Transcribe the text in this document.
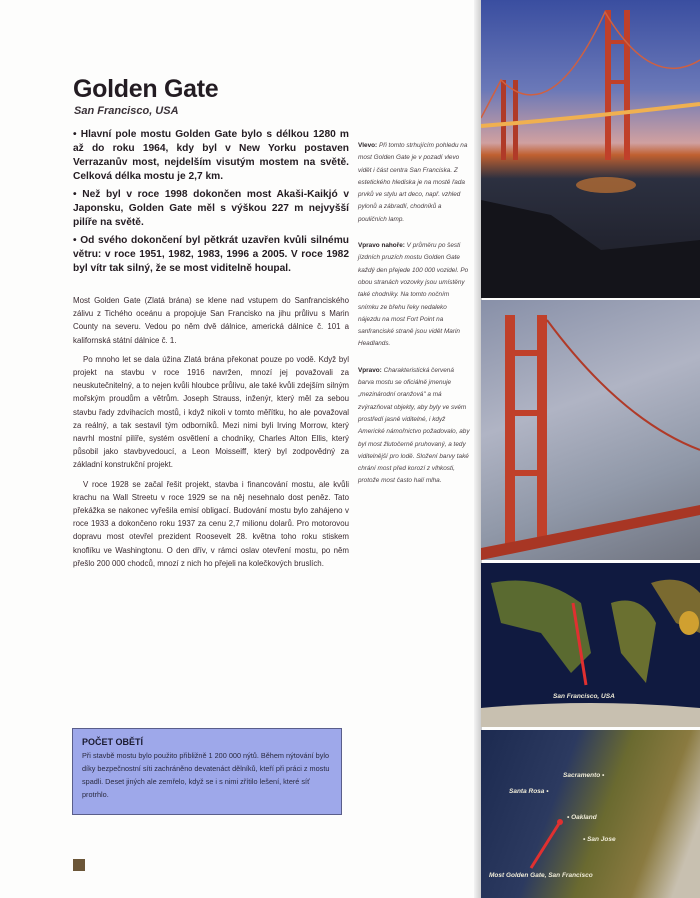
Golden Gate
San Francisco, USA

• Hlavní pole mostu Golden Gate bylo s délkou 1280 m až do roku 1964, kdy byl v New Yorku postaven Verrazanův most, nejdelším visutým mostem na světě. Celková délka mostu je 2,7 km.

• Než byl v roce 1998 dokončen most Akaši-Kaikjó v Japonsku, Golden Gate měl s výškou 227 m nejvyšší pilíře na světě.

• Od svého dokončení byl pětkrát uzavřen kvůli silnému větru: v roce 1951, 1982, 1983, 1996 a 2005. V roce 1982 byl vítr tak silný, že se most viditelně houpal.

Most Golden Gate (Zlatá brána) se klene nad vstupem do Sanfranciského zálivu z Tichého oceánu a propojuje San Francisko na jihu průlivu s Marin County na severu. Vedou po něm dvě dálnice, americká dálnice č. 101 a kalifornská státní dálnice č. 1.

Po mnoho let se dala úžina Zlatá brána překonat pouze po vodě. Když byl projekt na stavbu v roce 1916 navržen, mnozí jej považovali za neuskutečnitelný, a to nejen kvůli hloubce průlivu, ale také kvůli zdejším silným mořským proudům a větrům. Joseph Strauss, inženýr, který měl za sebou stavbu řady zdvihacích mostů, i když nikoli v tomto měřítku, ho ale považoval za reálný, a tak sestavil tým odborníků. Mezi nimi byli Irving Morrow, který navrhl mostní pilíře, systém osvětlení a chodníky, Charles Alton Ellis, který působil jako stavbyvedoucí, a Leon Moisseiff, který byl zodpovědný za základní konstrukční projekt.

V roce 1928 se začal řešit projekt, stavba i financování mostu, ale kvůli krachu na Wall Streetu v roce 1929 se na něj nesehnalo dost peněz. Tato překážka se nakonec vyřešila emisí obligací. Budování mostu bylo zahájeno v roce 1933 a dokončeno roku 1937 za cenu 2,7 milionu dolarů. Pro motorovou dopravu most otevřel prezident Roosevelt 28. května toho roku stiskem knoflíku ve Washingtonu. O den dřív, v rámci oslav otevření mostu, po něm přešlo 200 000 chodců, mnozí z nich ho přejeli na kolečkových bruslích.

Vlevo: Při tomto strhujícím pohledu na most Golden Gate je v pozadí vlevo vidět i část centra San Franciska. Z estetického hlediska je na mostě řada prvků ve stylu art deco, např. vzhled pylonů a zábradlí, chodníků a pouličních lamp.

Vpravo nahoře: V průměru po šesti jízdních pruzích mostu Golden Gate každý den přejede 100 000 vozidel. Po obou stranách vozovky jsou umístěny také chodníky. Na tomto nočním snímku ze břehu řeky nedaleko nájezdu na most Fort Point na sanfranciské straně jsou vidět Marin Headlands.

Vpravo: Charakteristická červená barva mostu se oficiálně jmenuje „mezinárodní oranžová" a má zvýrazňovat objekty, aby byly ve svém prostředí jasně viditelné, i když Americké námořnictvo požadovalo, aby byl most žlutočerně pruhovaný, a tedy viditelnější pro lodě. Složení barvy také chrání most před korozí z vlhkosti, protože most často halí mlha.

POČET OBĚTÍ

Při stavbě mostu bylo použito přibližně 1 200 000 nýtů. Během nýtování bylo díky bezpečnostní síti zachráněno devatenáct dělníků, kteří při práci z mostu spadli. Deset jiných ale zemřelo, když se i s nimi zřítilo lešení, které síť protrhlo.

San Francisco, USA
Santa Rosa •
Sacramento •
• Oakland
• San Jose
Most Golden Gate, San Francisco
